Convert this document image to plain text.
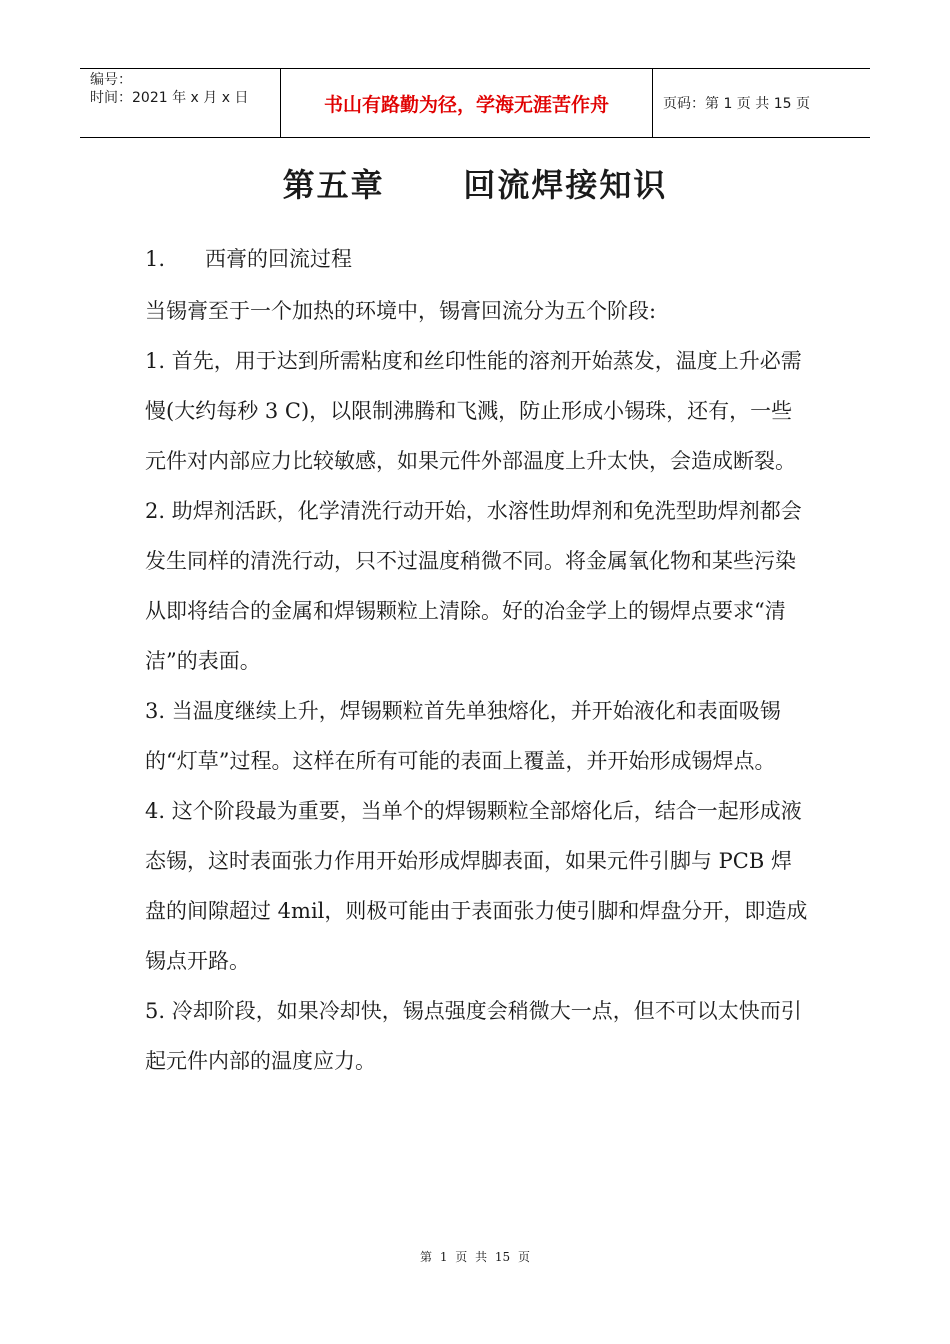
编号：
时间：2021 年 x 月 x 日	书山有路勤为径，学海无涯苦作舟	页码：第 1 页 共 15 页
第五章      回流焊接知识
1. 西膏的回流过程

当锡膏至于一个加热的环境中，锡膏回流分为五个阶段:

1. 首先，用于达到所需粘度和丝印性能的溶剂开始蒸发，温度上升必需慢(大约每秒 3 C)，以限制沸腾和飞溅，防止形成小锡珠，还有，一些元件对内部应力比较敏感，如果元件外部温度上升太快，会造成断裂。

2. 助焊剂活跃，化学清洗行动开始，水溶性助焊剂和免洗型助焊剂都会发生同样的清洗行动，只不过温度稍微不同。将金属氧化物和某些污染从即将结合的金属和焊锡颗粒上清除。好的冶金学上的锡焊点要求“清洁”的表面。

3. 当温度继续上升，焊锡颗粒首先单独熔化，并开始液化和表面吸锡的“灯草”过程。这样在所有可能的表面上覆盖，并开始形成锡焊点。

4. 这个阶段最为重要，当单个的焊锡颗粒全部熔化后，结合一起形成液态锡，这时表面张力作用开始形成焊脚表面，如果元件引脚与 PCB 焊盘的间隙超过 4mil，则极可能由于表面张力使引脚和焊盘分开，即造成锡点开路。

5. 冷却阶段，如果冷却快，锡点强度会稍微大一点，但不可以太快而引起元件内部的温度应力。

第 1 页 共 15 页
